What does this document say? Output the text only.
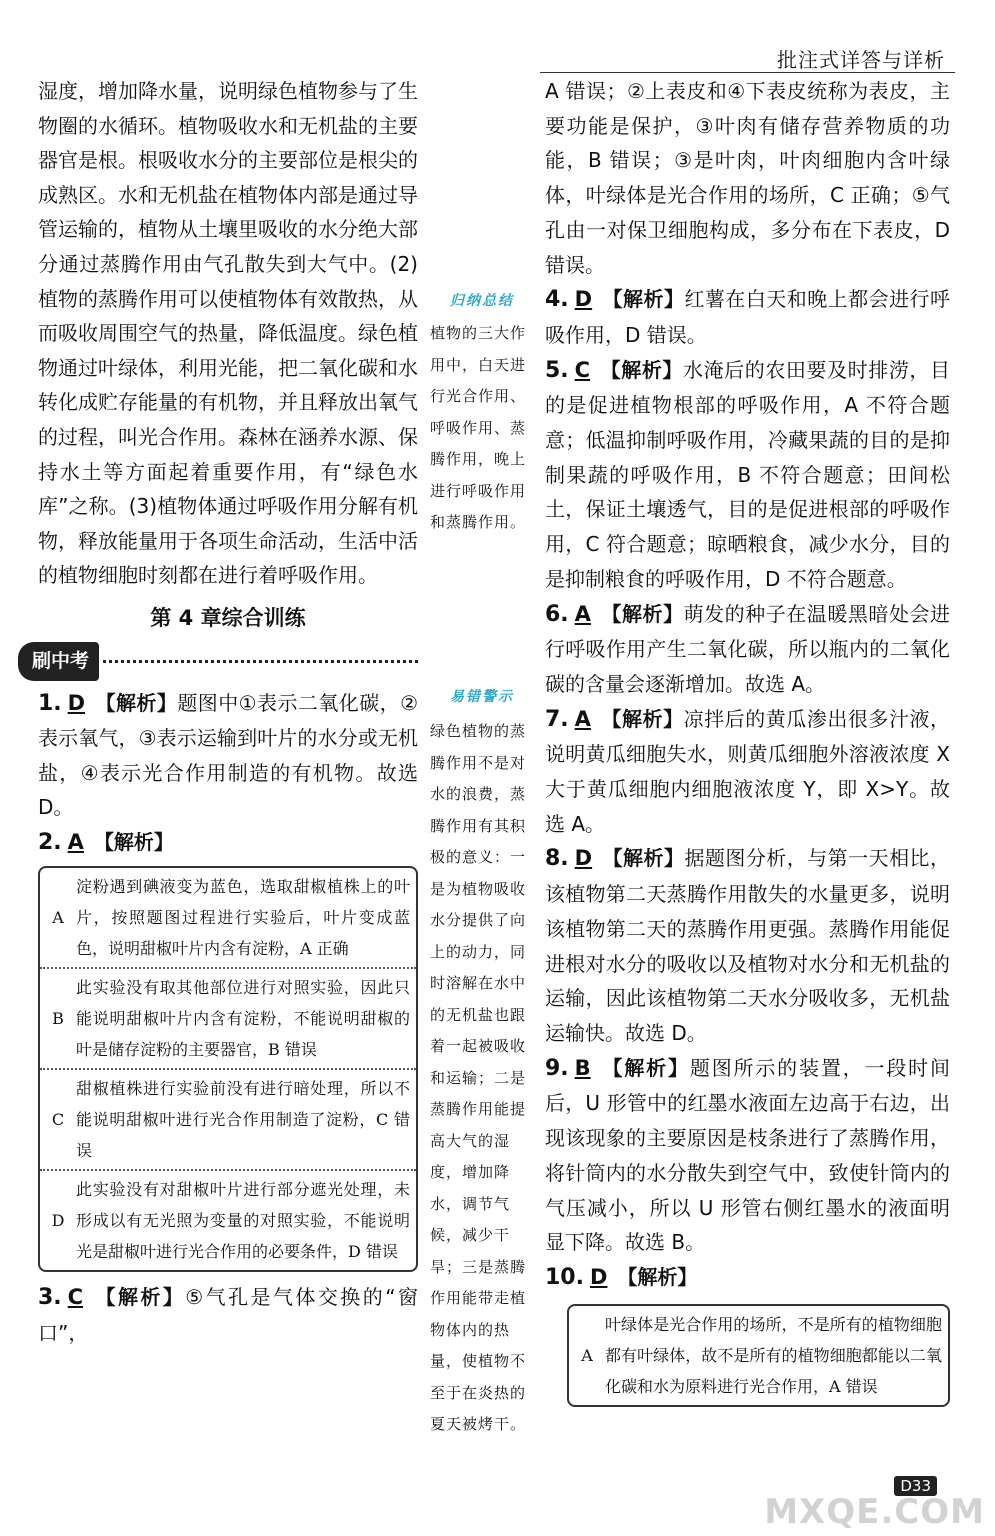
批注式详答与详析

湿度，增加降水量，说明绿色植物参与了生物圈的水循环。植物吸收水和无机盐的主要器官是根。根吸收水分的主要部位是根尖的成熟区。水和无机盐在植物体内部是通过导管运输的，植物从土壤里吸收的水分绝大部分通过蒸腾作用由气孔散失到大气中。(2)植物的蒸腾作用可以使植物体有效散热，从而吸收周围空气的热量，降低温度。绿色植物通过叶绿体，利用光能，把二氧化碳和水转化成贮存能量的有机物，并且释放出氧气的过程，叫光合作用。森林在涵养水源、保持水土等方面起着重要作用，有“绿色水库”之称。(3)植物体通过呼吸作用分解有机物，释放能量用于各项生命活动，生活中活的植物细胞时刻都在进行着呼吸作用。

第 4 章综合训练
刷中考

1. D 【解析】题图中①表示二氧化碳，②表示氧气，③表示运输到叶片的水分或无机盐，④表示光合作用制造的有机物。故选 D。

2. A 【解析】

A
淀粉遇到碘液变为蓝色，选取甜椒植株上的叶片，按照题图过程进行实验后，叶片变成蓝色，说明甜椒叶片内含有淀粉，A 正确
B
此实验没有取其他部位进行对照实验，因此只能说明甜椒叶片内含有淀粉，不能说明甜椒的叶是储存淀粉的主要器官，B 错误
C
甜椒植株进行实验前没有进行暗处理，所以不能说明甜椒叶进行光合作用制造了淀粉，C 错误
D
此实验没有对甜椒叶片进行部分遮光处理，未形成以有无光照为变量的对照实验，不能说明光是甜椒叶进行光合作用的必要条件，D 错误

3. C 【解析】⑤气孔是气体交换的“窗口”，

归纳总结
植物的三大作用中，白天进行光合作用、呼吸作用、蒸腾作用，晚上进行呼吸作用和蒸腾作用。
易错警示
绿色植物的蒸腾作用不是对水的浪费，蒸腾作用有其积极的意义：一是为植物吸收水分提供了向上的动力，同时溶解在水中的无机盐也跟着一起被吸收和运输；二是蒸腾作用能提高大气的湿度，增加降水，调节气候，减少干旱；三是蒸腾作用能带走植物体内的热量，使植物不至于在炎热的夏天被烤干。

A 错误；②上表皮和④下表皮统称为表皮，主要功能是保护，③叶肉有储存营养物质的功能，B 错误；③是叶肉，叶肉细胞内含叶绿体，叶绿体是光合作用的场所，C 正确；⑤气孔由一对保卫细胞构成，多分布在下表皮，D 错误。

4. D 【解析】红薯在白天和晚上都会进行呼吸作用，D 错误。

5. C 【解析】水淹后的农田要及时排涝，目的是促进植物根部的呼吸作用，A 不符合题意；低温抑制呼吸作用，冷藏果蔬的目的是抑制果蔬的呼吸作用，B 不符合题意；田间松土，保证土壤透气，目的是促进根部的呼吸作用，C 符合题意；晾晒粮食，减少水分，目的是抑制粮食的呼吸作用，D 不符合题意。

6. A 【解析】萌发的种子在温暖黑暗处会进行呼吸作用产生二氧化碳，所以瓶内的二氧化碳的含量会逐渐增加。故选 A。

7. A 【解析】凉拌后的黄瓜渗出很多汁液，说明黄瓜细胞失水，则黄瓜细胞外溶液浓度 X 大于黄瓜细胞内细胞液浓度 Y，即 X>Y。故选 A。

8. D 【解析】据题图分析，与第一天相比，该植物第二天蒸腾作用散失的水量更多，说明该植物第二天的蒸腾作用更强。蒸腾作用能促进根对水分的吸收以及植物对水分和无机盐的运输，因此该植物第二天水分吸收多，无机盐运输快。故选 D。

9. B 【解析】题图所示的装置，一段时间后，U 形管中的红墨水液面左边高于右边，出现该现象的主要原因是枝条进行了蒸腾作用，将针筒内的水分散失到空气中，致使针筒内的气压减小，所以 U 形管右侧红墨水的液面明显下降。故选 B。

10. D 【解析】

A
叶绿体是光合作用的场所，不是所有的植物细胞都有叶绿体，故不是所有的植物细胞都能以二氧化碳和水为原料进行光合作用，A 错误
D33
MXQE.COM
